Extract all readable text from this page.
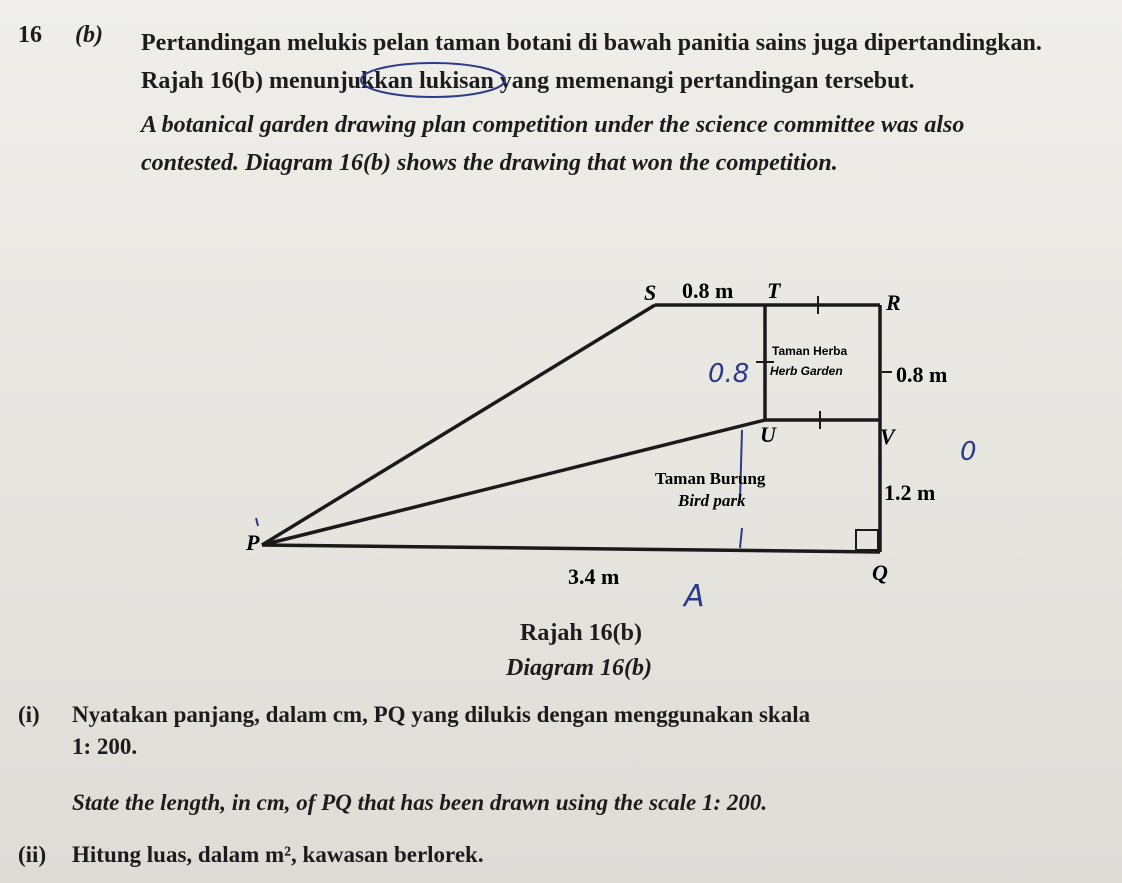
16 (b) Pertandingan melukis pelan taman botani di bawah panitia sains juga dipertandingkan.
Rajah 16(b) menunjukkan lukisan yang memenangi pertandingan tersebut.
A botanical garden drawing plan competition under the science committee was also
contested. Diagram 16(b) shows the drawing that won the competition.
S	T	R
U	V
P
Q
0.8 m
0.8 m
1.2 m
3.4 m
Taman Herba
Herb Garden
Taman Burung
Bird park
0.8
0
A
Rajah 16(b)
Diagram 16(b)
(i) Nyatakan panjang, dalam cm, PQ yang dilukis dengan menggunakan skala
1: 200.
State the length, in cm, of PQ that has been drawn using the scale 1: 200.
(ii) Hitung luas, dalam m², kawasan berlorek.
